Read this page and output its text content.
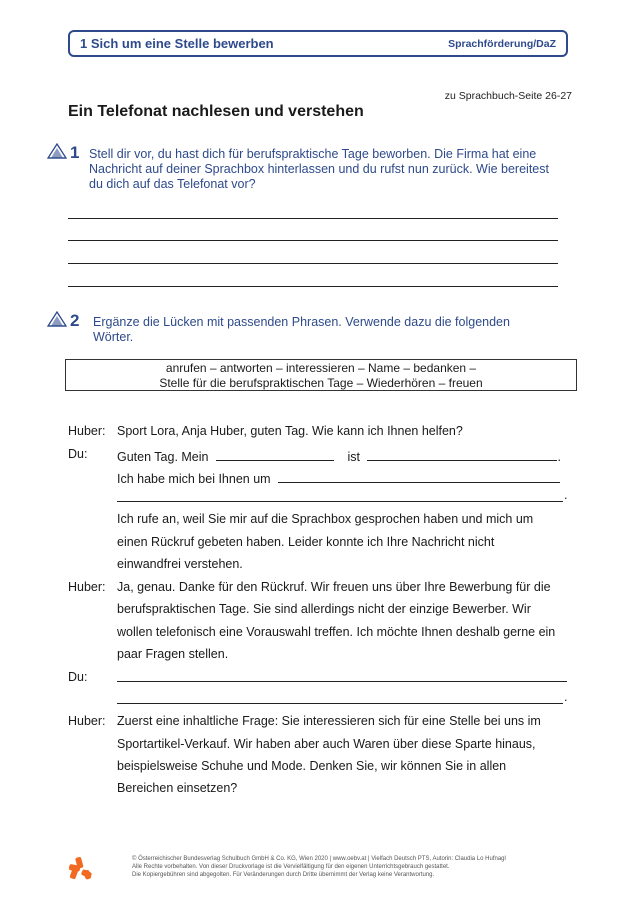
1 Sich um eine Stelle bewerben	Sprachförderung/DaZ
zu Sprachbuch-Seite 26-27
Ein Telefonat nachlesen und verstehen
1 Stell dir vor, du hast dich für berufspraktische Tage beworben. Die Firma hat eine
Nachricht auf deiner Sprachbox hinterlassen und du rufst nun zurück. Wie bereitest
du dich auf das Telefonat vor?
2 Ergänze die Lücken mit passenden Phrasen. Verwende dazu die folgenden
Wörter.
anrufen – antworten – interessieren – Name – bedanken –
Stelle für die berufspraktischen Tage – Wiederhören – freuen
Huber: Sport Lora, Anja Huber, guten Tag. Wie kann ich Ihnen helfen?
Du: Guten Tag. Mein	ist	.
Ich habe mich bei Ihnen um
.
Ich rufe an, weil Sie mir auf die Sprachbox gesprochen haben und mich um
einen Rückruf gebeten haben. Leider konnte ich Ihre Nachricht nicht
einwandfrei verstehen.
Huber: Ja, genau. Danke für den Rückruf. Wir freuen uns über Ihre Bewerbung für die
berufspraktischen Tage. Sie sind allerdings nicht der einzige Bewerber. Wir
wollen telefonisch eine Vorauswahl treffen. Ich möchte Ihnen deshalb gerne ein
paar Fragen stellen.
Du:
.
Huber: Zuerst eine inhaltliche Frage: Sie interessieren sich für eine Stelle bei uns im
Sportartikel-Verkauf. Wir haben aber auch Waren über diese Sparte hinaus,
beispielsweise Schuhe und Mode. Denken Sie, wir können Sie in allen
Bereichen einsetzen?
© Österreichischer Bundesverlag Schulbuch GmbH & Co. KG, Wien 2020 | www.oebv.at | Vielfach Deutsch PTS, Autorin: Claudia Lo Hufnagl
Alle Rechte vorbehalten. Von dieser Druckvorlage ist die Vervielfältigung für den eigenen Unterrichtsgebrauch gestattet.
Die Kopiergebühren sind abgegolten. Für Veränderungen durch Dritte übernimmt der Verlag keine Verantwortung.
